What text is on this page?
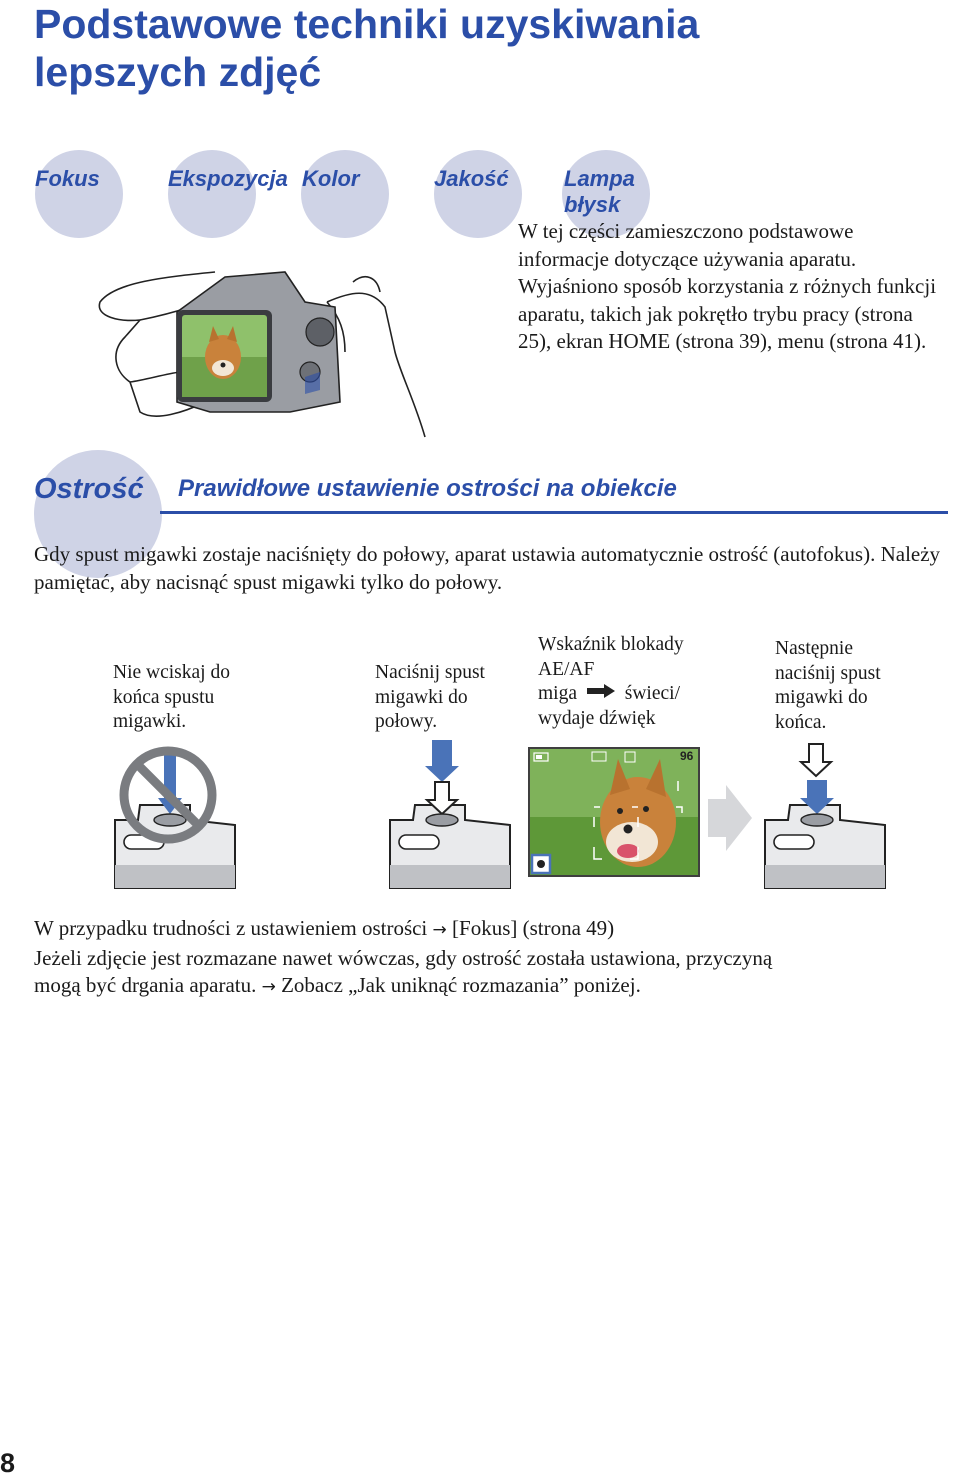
Podstawowe techniki uzyskiwania
lepszych zdjęć
Fokus	Ekspozycja Kolor	Jakość	Lampa
błysk
W tej części zamieszczono podstawowe informacje dotyczące używania aparatu. Wyjaśniono sposób korzystania z różnych funkcji aparatu, takich jak pokrętło trybu pracy (strona 25), ekran HOME (strona 39), menu (strona 41).
Ostrość Prawidłowe ustawienie ostrości na obiekcie
Gdy spust migawki zostaje naciśnięty do połowy, aparat ustawia automatycznie ostrość (autofokus). Należy pamiętać, aby nacisnąć spust migawki tylko do połowy.
Nie wciskaj do
końca spustu
migawki.
Naciśnij spust
migawki do
połowy.
Wskaźnik blokady
AE/AF
miga świeci/
wydaje dźwięk
96
Następnie
naciśnij spust
migawki do
końca.
W przypadku trudności z ustawieniem ostrości → [Fokus] (strona 49)
Jeżeli zdjęcie jest rozmazane nawet wówczas, gdy ostrość została ustawiona, przyczyną
mogą być drgania aparatu. → Zobacz „Jak uniknąć rozmazania” poniżej.
8
